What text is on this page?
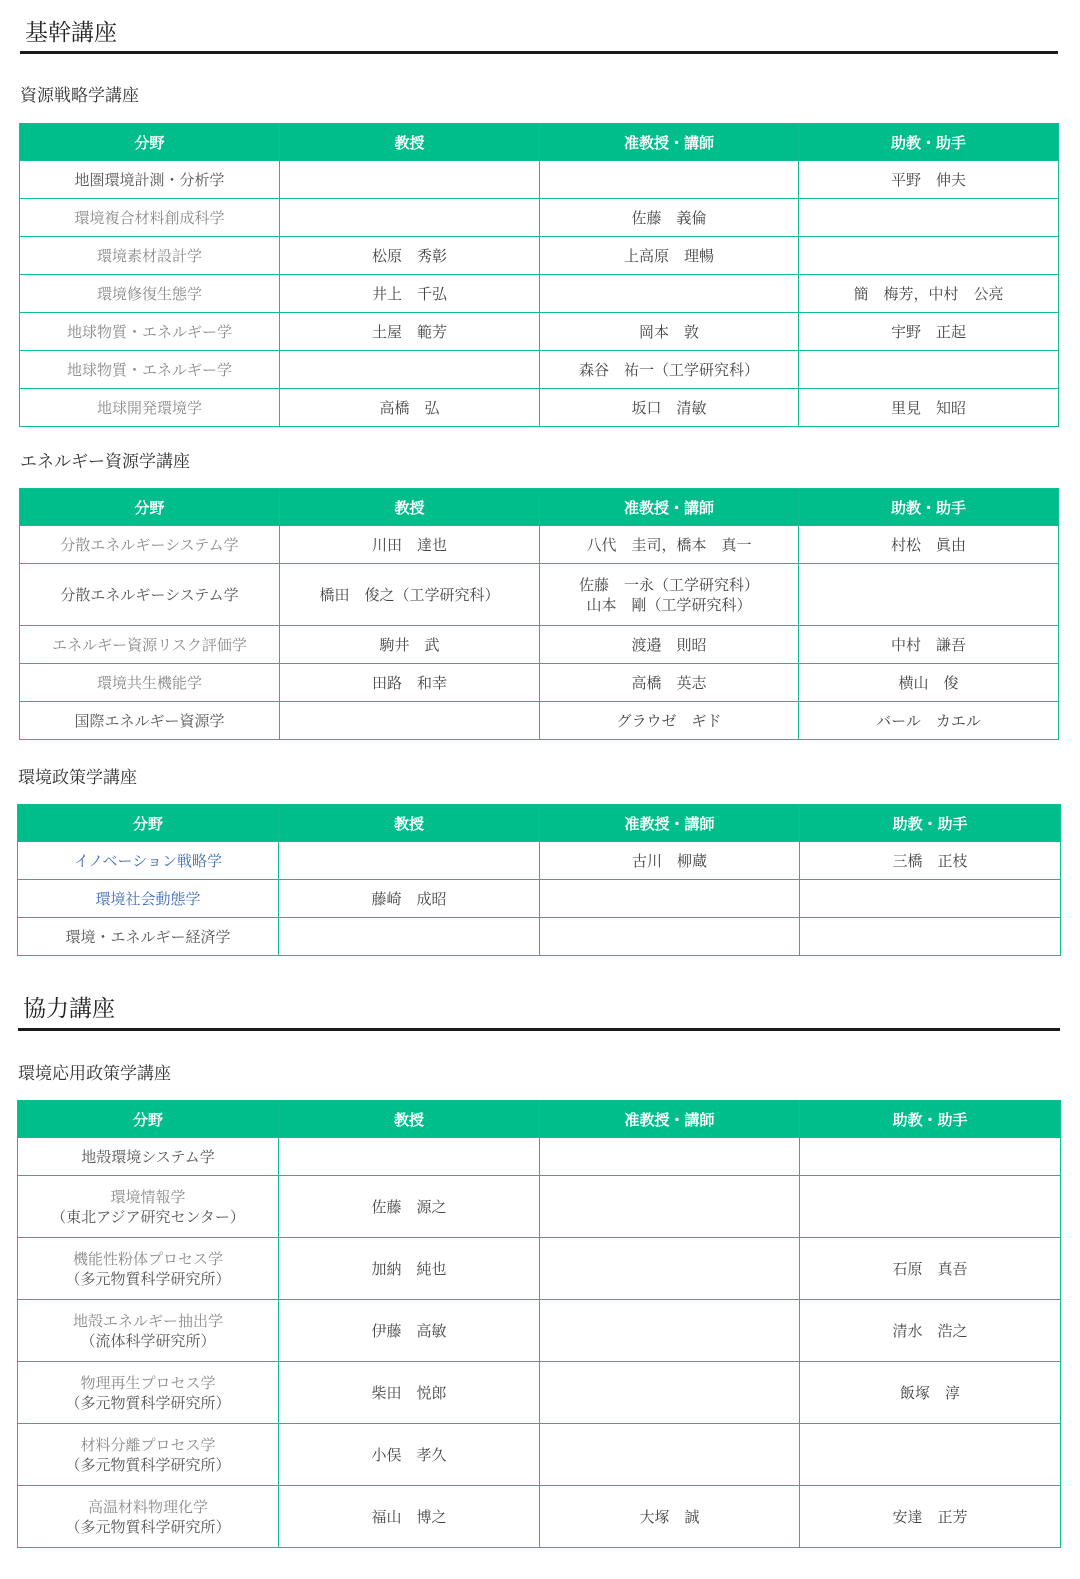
基幹講座
資源戦略学講座
分野	教授	准教授・講師	助教・助手
地圏環境計測・分析学			平野　伸夫
環境複合材料創成科学		佐藤　義倫	
環境素材設計学	松原　秀彰	上高原　理暢	
環境修復生態学	井上　千弘		簡　梅芳，中村　公亮
地球物質・エネルギー学	土屋　範芳	岡本　敦	宇野　正起
地球物質・エネルギー学		森谷　祐一（工学研究科）	
地球開発環境学	高橋　弘	坂口　清敏	里見　知昭
エネルギー資源学講座
分野	教授	准教授・講師	助教・助手
分散エネルギーシステム学	川田　達也	八代　圭司，橋本　真一	村松　眞由
分散エネルギーシステム学	橋田　俊之（工学研究科）	佐藤　一永（工学研究科）
山本　剛（工学研究科）	

エネルギー資源リスク評価学	駒井　武	渡邉　則昭	中村　謙吾
環境共生機能学	田路　和幸	高橋　英志	横山　俊
国際エネルギー資源学		グラウゼ　ギド	バール　カエル
環境政策学講座
分野	教授	准教授・講師	助教・助手
イノベーション戦略学		古川　柳蔵	三橋　正枝
環境社会動態学	藤崎　成昭		
環境・エネルギー経済学			
協力講座
環境応用政策学講座
分野	教授	准教授・講師	助教・助手
地殻環境システム学			

環境情報学
（東北アジア研究センター）	佐藤　源之		

機能性粉体プロセス学
（多元物質科学研究所）	加納　純也		石原　真吾

地殻エネルギー抽出学
（流体科学研究所）	伊藤　高敏		清水　浩之

物理再生プロセス学
（多元物質科学研究所）	柴田　悦郎		飯塚　淳

材料分離プロセス学
（多元物質科学研究所）	小俣　孝久		

高温材料物理化学
（多元物質科学研究所）	福山　博之	大塚　誠	安達　正芳
